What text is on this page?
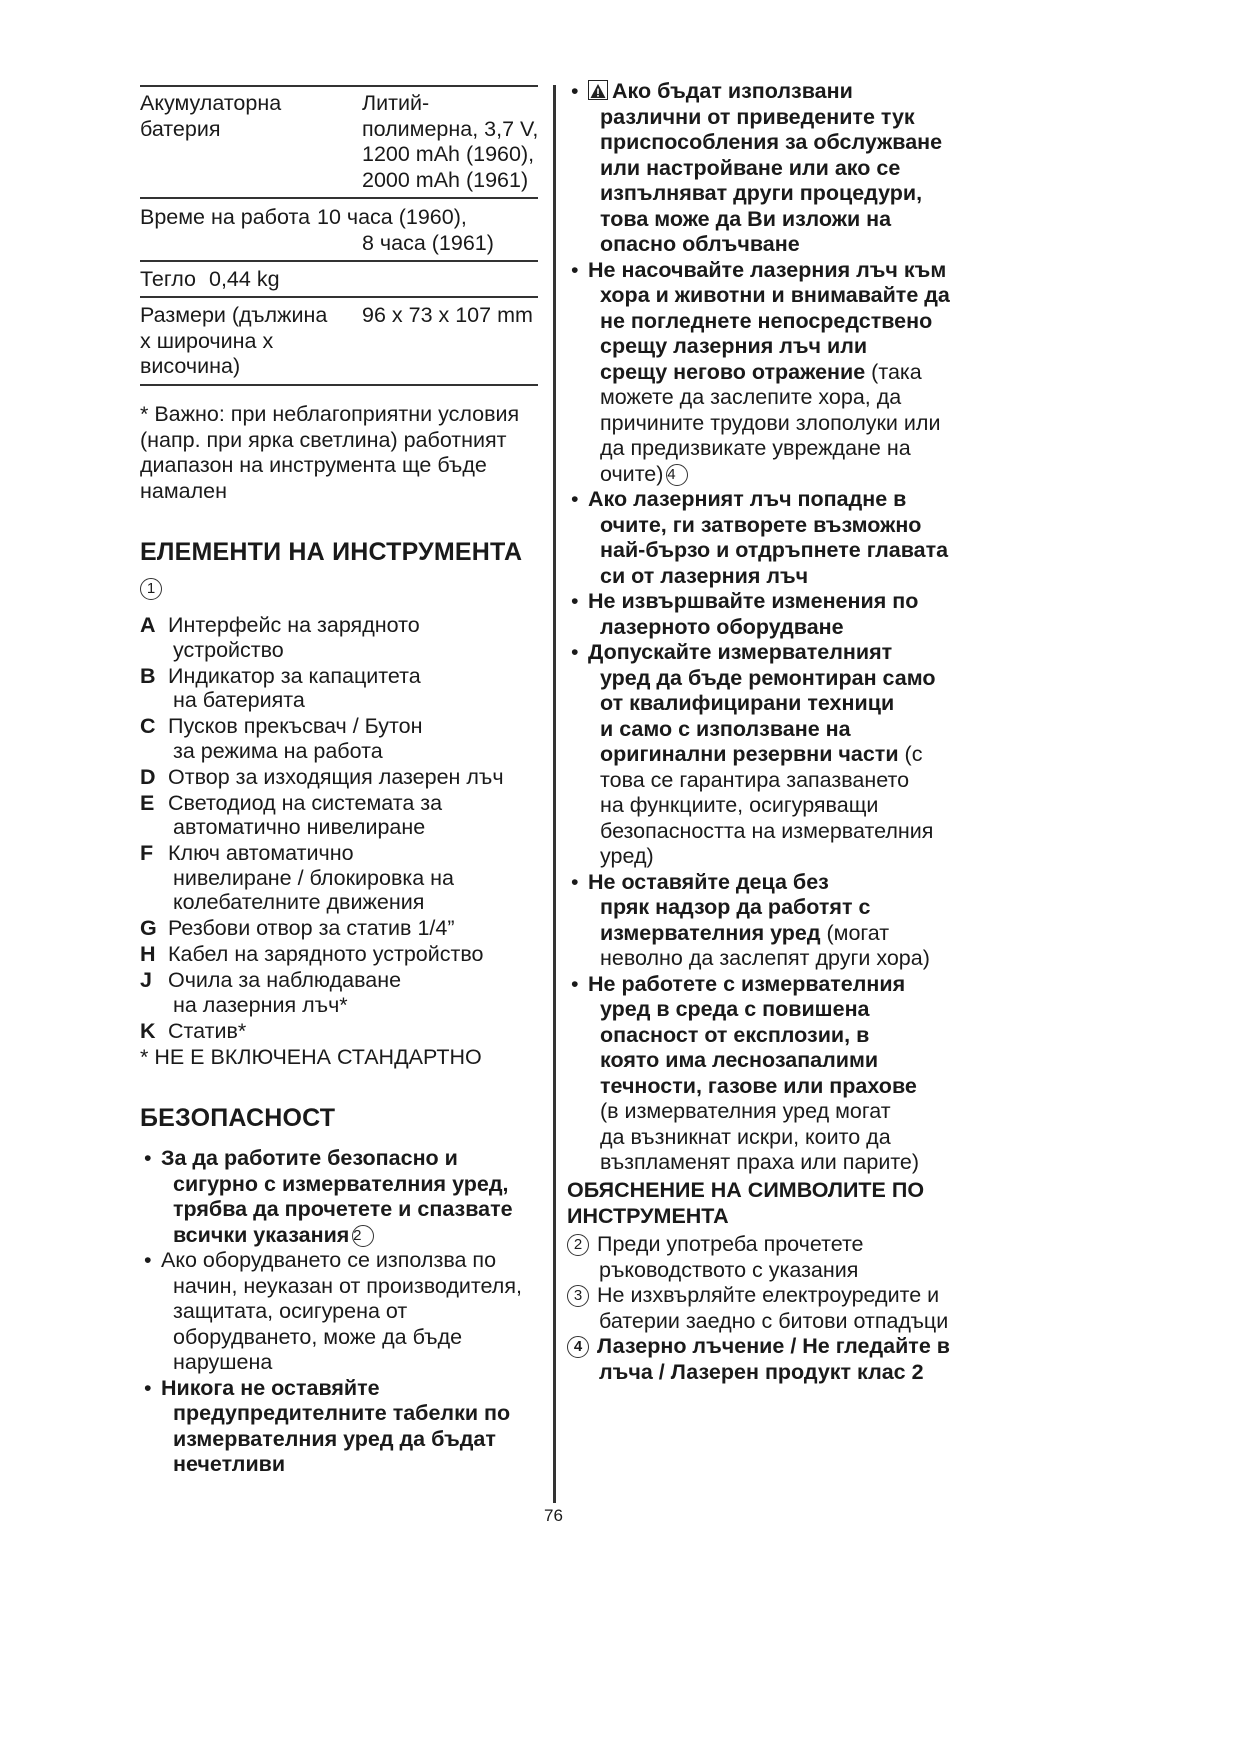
Акумулаторна
батерия
Литий-
полимерна, 3,7 V,
1200 mAh (1960),
2000 mAh (1961)
Време на работа 10 часа (1960),
8 часа (1961)
Тегло 0,44 kg
Размери (дължина
х широчина х
височина)
96 x 73 x 107 mm
* Важно: при неблагоприятни условия
(напр. при ярка светлина) работният
диапазон на инструмента ще бъде
намален
ЕЛЕМЕНТИ НА ИНСТРУМЕНТА
1
A Интерфейс на зарядното
устройство
B Индикатор за капацитета
на батерията
C Пусков прекъсвач / Бутон
за режима на работа
D Отвор за изходящия лазерен лъч
E Светодиод на системата за
автоматично нивелиране
F Ключ автоматично
нивелиране / блокировка на
колебателните движения
G Резбови отвор за статив 1/4”
H Кабел на зарядното устройство
J Очила за наблюдаване
на лазерния лъч*
K Статив*
* НЕ Е ВКЛЮЧЕНА СТАНДАРТНО
БЕЗОПАСНОСТ
• За да работите безопасно и
сигурно с измервателния уред,
трябва да прочетете и спазвате
всички указания 2
• Ако оборудването се използва по
начин, неуказан от производителя,
защитата, осигурена от
оборудването, може да бъде
нарушена
• Никога не оставяйте
предупредителните табелки по
измервателния уред да бъдат
нечетливи
• Ако бъдат използвани
различни от приведените тук
приспособления за обслужване
или настройване или ако се
изпълняват други процедури,
това може да Ви изложи на
опасно облъчване
• Не насочвайте лазерния лъч към
хора и животни и внимавайте да
не погледнете непосредствено
срещу лазерния лъч или
срещу негово отражение (така
можете да заслепите хора, да
причините трудови злополуки или
да предизвикате увреждане на
очите) 4
• Ако лазерният лъч попадне в
очите, ги затворете възможно
най-бързо и отдръпнете главата
си от лазерния лъч
• Не извършвайте изменения по
лазерното оборудване
• Допускайте измервателният
уред да бъде ремонтиран само
от квалифицирани техници
и само с използване на
оригинални резервни части (с
това се гарантира запазването
на функциите, осигуряващи
безопасността на измервателния
уред)
• Не оставяйте деца без
пряк надзор да работят с
измервателния уред (могат
неволно да заслепят други хора)
• Не работете с измервателния
уред в среда с повишена
опасност от експлозии, в
която има леснозапалими
течности, газове или прахове
(в измервателния уред могат
да възникнат искри, които да
възпламенят праха или парите)
ОБЯСНЕНИЕ НА СИМВОЛИТЕ ПО
ИНСТРУМЕНТА
2 Преди употреба прочетете
ръководството с указания
3 Не изхвърляйте електроуредите и
батерии заедно с битови отпадъци
4 Лазерно лъчение / Не гледайте в
лъча / Лазерен продукт клас 2
76
